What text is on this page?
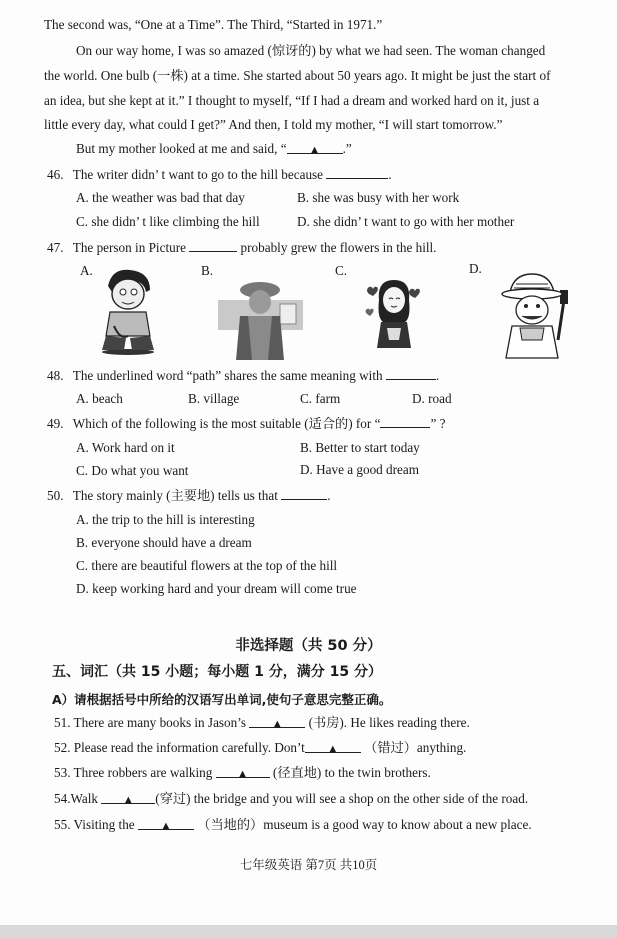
The second was, “One at a Time”. The Third, “Started in 1971.”
On our way home, I was so amazed (惊讶的) by what we had seen. The woman changed
the world. One bulb (一株) at a time. She started about 50 years ago. It might be just the start of
an idea, but she kept at it.” I thought to myself, “If I had a dream and worked hard on it, just a
little every day, what could I get?” And then, I told my mother, “I will start tomorrow.”
But my mother looked at me and said, “ ▲ .”
46. The writer didn’ t want to go to the hill because	.
A. the weather was bad that day	B. she was busy with her work
C. she didn’ t like climbing the hill	D. she didn’ t want to go with her mother
47. The person in Picture	probably grew the flowers in the hill.
A.	B.	C.	D.
48. The underlined word “path” shares the same meaning with	.
A. beach	B. village	C. farm	D. road
49. Which of the following is the most suitable (适合的) for “	” ?
A. Work hard on it	B. Better to start today
C. Do what you want	D. Have a good dream
50. The story mainly (主要地) tells us that	.
A. the trip to the hill is interesting
B. everyone should have a dream
C. there are beautiful flowers at the top of the hill
D. keep working hard and your dream will come true
非选择题（共 50 分）
五、词汇（共 15 小题；每小题 1 分，满分 15 分）
A）请根据括号中所给的汉语写出单词,使句子意思完整正确。
51. There are many books in Jason’s ▲ (书房). He likes reading there.
52. Please read the information carefully. Don’t ▲ （错过）anything.
53. Three robbers are walking ▲ (径直地) to the twin brothers.
54.Walk ▲ (穿过) the bridge and you will see a shop on the other side of the road.
55. Visiting the ▲ （当地的）museum is a good way to know about a new place.
七年级英语 第7页 共10页
